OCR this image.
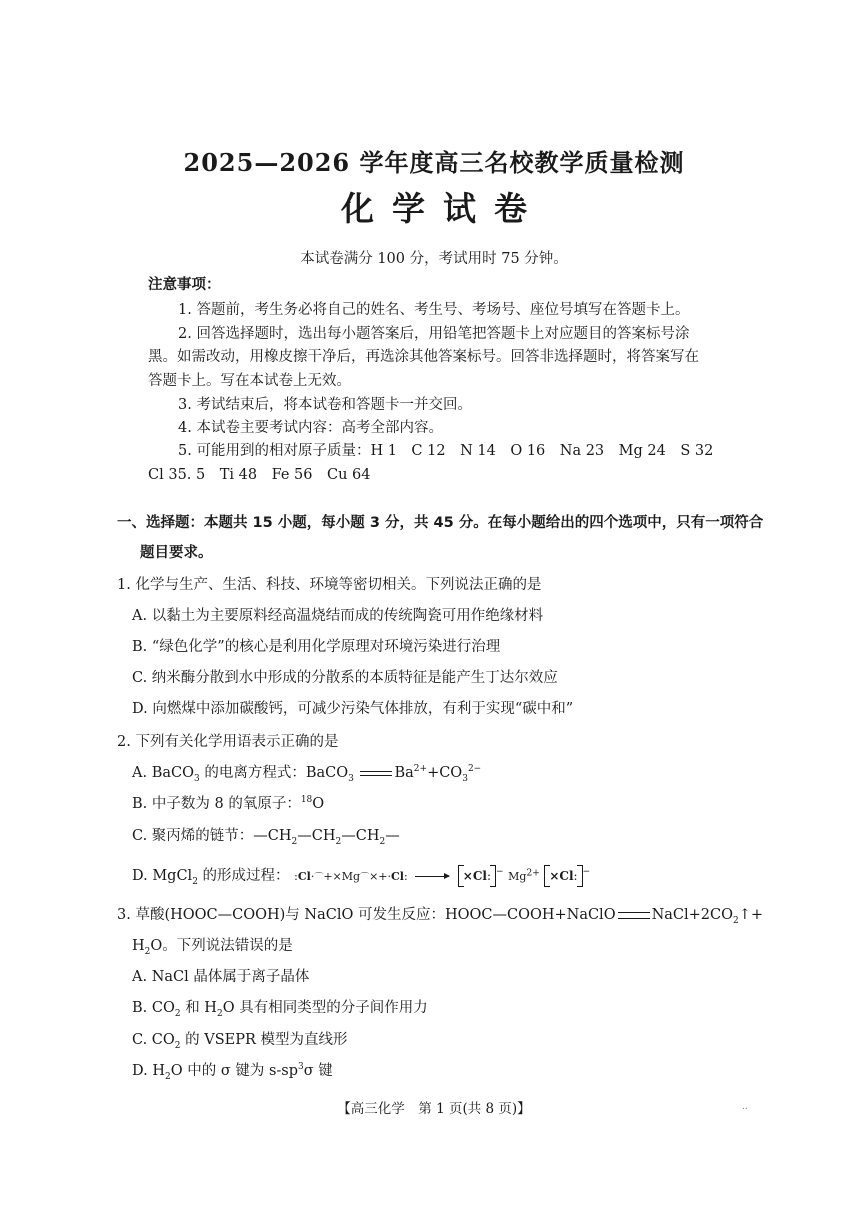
2025—2026 学年度高三名校教学质量检测
化学试卷
本试卷满分 100 分，考试用时 75 分钟。
注意事项：
1. 答题前，考生务必将自己的姓名、考生号、考场号、座位号填写在答题卡上。
2. 回答选择题时，选出每小题答案后，用铅笔把答题卡上对应题目的答案标号涂
黑。如需改动，用橡皮擦干净后，再选涂其他答案标号。回答非选择题时，将答案写在
答题卡上。写在本试卷上无效。
3. 考试结束后，将本试卷和答题卡一并交回。
4. 本试卷主要考试内容：高考全部内容。
5. 可能用到的相对原子质量：H 1　C 12　N 14　O 16　Na 23　Mg 24　S 32
Cl 35. 5　Ti 48　Fe 56　Cu 64
一、选择题：本题共 15 小题，每小题 3 分，共 45 分。在每小题给出的四个选项中，只有一项符合
题目要求。
1. 化学与生产、生活、科技、环境等密切相关。下列说法正确的是
A. 以黏土为主要原料经高温烧结而成的传统陶瓷可用作绝缘材料
B. “绿色化学”的核心是利用化学原理对环境污染进行治理
C. 纳米酶分散到水中形成的分散系的本质特征是能产生丁达尔效应
D. 向燃煤中添加碳酸钙，可减少污染气体排放，有利于实现“碳中和”
2. 下列有关化学用语表示正确的是
A. BaCO$_3$ 的电离方程式：BaCO$_3$	$Ba^{2+}+CO_3^{2-}$
B. 中子数为 8 的氧原子：$^{18}$O
C. 聚丙烯的链节：$—CH_2—CH_2—CH_2—$
D. MgCl$_2$ 的形成过程： :Cl·⌒+×Mg⌒×+·Cl: → ×Cl:− $Mg^{2+}$ ×Cl:−
3. 草酸(HOOC—COOH)与 NaClO 可发生反应：HOOC—COOH+NaClO $NaCl+2CO_2↑+$
$H_2O$。下列说法错误的是
A. NaCl 晶体属于离子晶体
B. $CO_2$ 和 $H_2O$ 具有相同类型的分子间作用力
C. $CO_2$ 的 VSEPR 模型为直线形
D. $H_2O$ 中的 σ 键为 $s-sp^3\sigma$ 键
【高三化学　第 1 页(共 8 页)】	..
